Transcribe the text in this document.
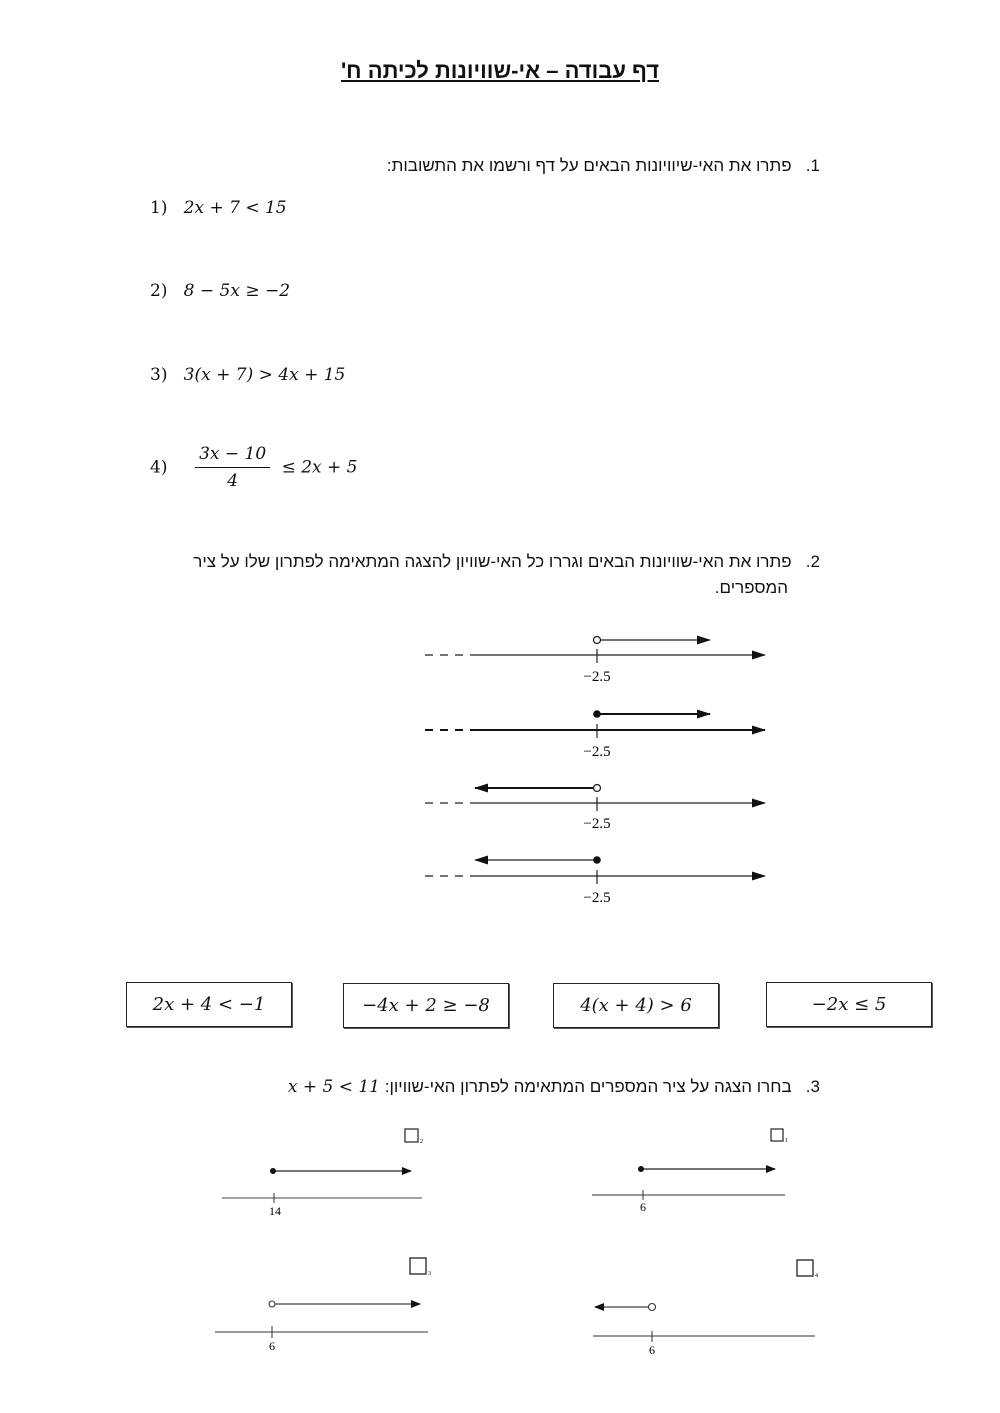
דף עבודה – אי-שוויונות לכיתה ח'
1.   פתרו את האי-שיוויונות הבאים על דף ורשמו את התשובות:
1) 2x + 7 < 15
2) 8 − 5x ≥ −2
3) 3(x + 7) > 4x + 15
$4) \frac{3x - 10}{4} \le 2x + 5$
2.   פתרו את האי-שוויונות הבאים וגררו כל האי-שוויון להצגה המתאימה לפתרון שלו על ציר
המספרים.
−2.5
−2.5
−2.5
−2.5
2x + 4 < −1	−4x + 2 ≥ −8	4(x + 4) > 6	−2x ≤ 5
3.   בחרו הצגה על ציר המספרים המתאימה לפתרון האי-שוויון: x + 5 < 11
1
6
2
14
3
6
4
6
